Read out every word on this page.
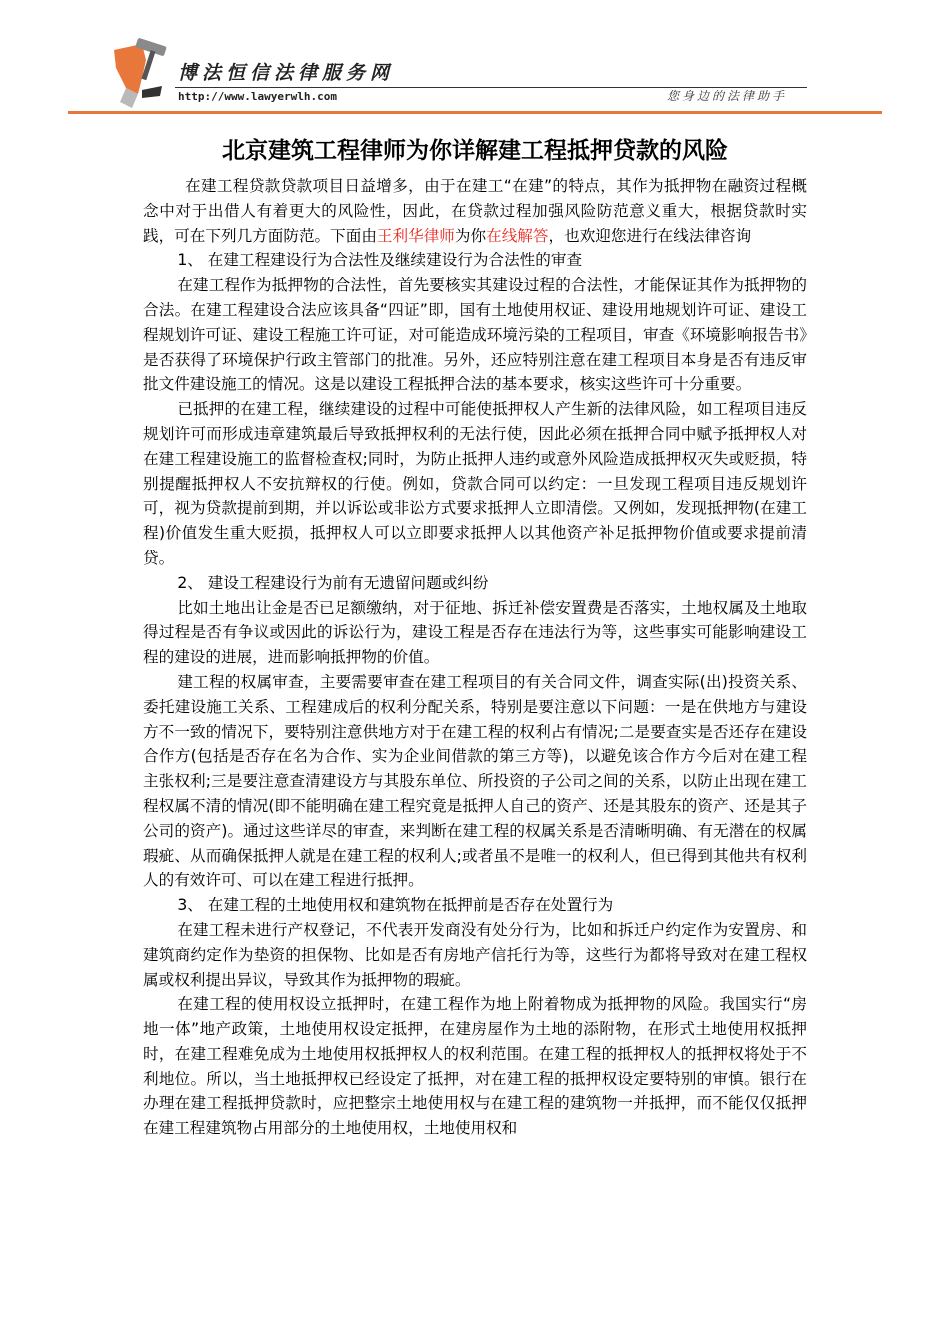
博法恒信法律服务网
http://www.lawyerwlh.com	您身边的法律助手
北京建筑工程律师为你详解建工程抵押贷款的风险

在建工程贷款贷款项目日益增多，由于在建工“在建”的特点，其作为抵押物在融资过程概念中对于出借人有着更大的风险性，因此，在贷款过程加强风险防范意义重大，根据贷款时实践，可在下列几方面防范。下面由王利华律师为你在线解答，也欢迎您进行在线法律咨询

1、 在建工程建设行为合法性及继续建设行为合法性的审查

在建工程作为抵押物的合法性，首先要核实其建设过程的合法性，才能保证其作为抵押物的合法。在建工程建设合法应该具备“四证”即，国有土地使用权证、建设用地规划许可证、建设工程规划许可证、建设工程施工许可证，对可能造成环境污染的工程项目，审查《环境影响报告书》是否获得了环境保护行政主管部门的批准。另外，还应特别注意在建工程项目本身是否有违反审批文件建设施工的情况。这是以建设工程抵押合法的基本要求，核实这些许可十分重要。

已抵押的在建工程，继续建设的过程中可能使抵押权人产生新的法律风险，如工程项目违反规划许可而形成违章建筑最后导致抵押权利的无法行使，因此必须在抵押合同中赋予抵押权人对在建工程建设施工的监督检查权;同时，为防止抵押人违约或意外风险造成抵押权灭失或贬损，特别提醒抵押权人不安抗辩权的行使。例如，贷款合同可以约定：一旦发现工程项目违反规划许可，视为贷款提前到期，并以诉讼或非讼方式要求抵押人立即清偿。又例如，发现抵押物(在建工程)价值发生重大贬损，抵押权人可以立即要求抵押人以其他资产补足抵押物价值或要求提前清贷。

2、 建设工程建设行为前有无遗留问题或纠纷

比如土地出让金是否已足额缴纳，对于征地、拆迁补偿安置费是否落实，土地权属及土地取得过程是否有争议或因此的诉讼行为，建设工程是否存在违法行为等，这些事实可能影响建设工程的建设的进展，进而影响抵押物的价值。

建工程的权属审查，主要需要审查在建工程项目的有关合同文件，调查实际(出)投资关系、委托建设施工关系、工程建成后的权利分配关系，特别是要注意以下问题：一是在供地方与建设方不一致的情况下，要特别注意供地方对于在建工程的权利占有情况;二是要查实是否还存在建设合作方(包括是否存在名为合作、实为企业间借款的第三方等)，以避免该合作方今后对在建工程主张权利;三是要注意查清建设方与其股东单位、所投资的子公司之间的关系，以防止出现在建工程权属不清的情况(即不能明确在建工程究竟是抵押人自己的资产、还是其股东的资产、还是其子公司的资产)。通过这些详尽的审查，来判断在建工程的权属关系是否清晰明确、有无潜在的权属瑕疵、从而确保抵押人就是在建工程的权利人;或者虽不是唯一的权利人，但已得到其他共有权利人的有效许可、可以在建工程进行抵押。

3、 在建工程的土地使用权和建筑物在抵押前是否存在处置行为

在建工程未进行产权登记，不代表开发商没有处分行为，比如和拆迁户约定作为安置房、和建筑商约定作为垫资的担保物、比如是否有房地产信托行为等，这些行为都将导致对在建工程权属或权利提出异议，导致其作为抵押物的瑕疵。

在建工程的使用权设立抵押时，在建工程作为地上附着物成为抵押物的风险。我国实行“房地一体”地产政策，土地使用权设定抵押，在建房屋作为土地的添附物，在形式土地使用权抵押时，在建工程难免成为土地使用权抵押权人的权利范围。在建工程的抵押权人的抵押权将处于不利地位。所以，当土地抵押权已经设定了抵押，对在建工程的抵押权设定要特别的审慎。银行在办理在建工程抵押贷款时，应把整宗土地使用权与在建工程的建筑物一并抵押，而不能仅仅抵押在建工程建筑物占用部分的土地使用权，土地使用权和
